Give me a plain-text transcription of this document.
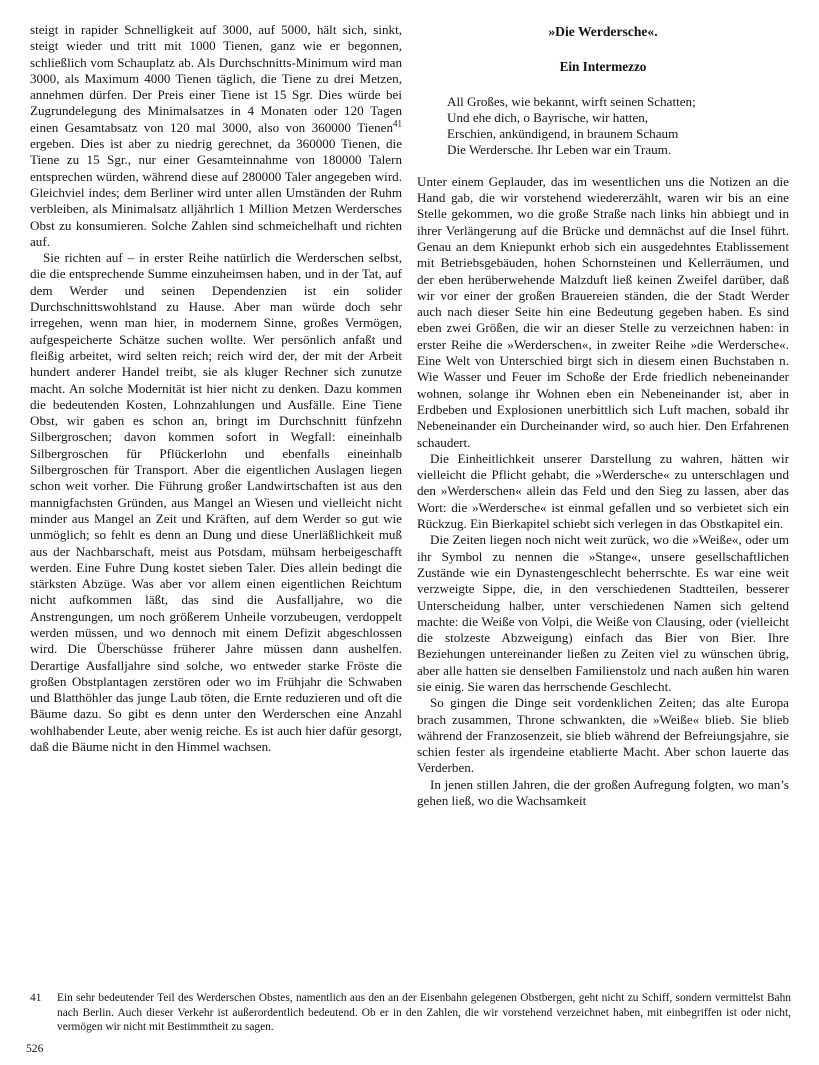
steigt in rapider Schnelligkeit auf 3000, auf 5000, hält sich, sinkt, steigt wieder und tritt mit 1000 Tienen, ganz wie er begonnen, schließlich vom Schauplatz ab. Als Durchschnitts-Minimum wird man 3000, als Maximum 4000 Tienen täglich, die Tiene zu drei Metzen, annehmen dürfen. Der Preis einer Tiene ist 15 Sgr. Dies würde bei Zugrundelegung des Minimalsatzes in 4 Monaten oder 120 Tagen einen Gesamtabsatz von 120 mal 3000, also von 360000 Tienen$^{41}$ ergeben. Dies ist aber zu niedrig gerechnet, da 360000 Tienen, die Tiene zu 15 Sgr., nur einer Gesamteinnahme von 180000 Talern entsprechen würden, während diese auf 280000 Taler angegeben wird. Gleichviel indes; dem Berliner wird unter allen Umständen der Ruhm verbleiben, als Minimalsatz alljährlich 1 Million Metzen Werdersches Obst zu konsumieren. Solche Zahlen sind schmeichelhaft und richten auf.

Sie richten auf – in erster Reihe natürlich die Werderschen selbst, die die entsprechende Summe einzuheimsen haben, und in der Tat, auf dem Werder und seinen Dependenzien ist ein solider Durchschnittswohlstand zu Hause. Aber man würde doch sehr irregehen, wenn man hier, in modernem Sinne, großes Vermögen, aufgespeicherte Schätze suchen wollte. Wer persönlich anfaßt und fleißig arbeitet, wird selten reich; reich wird der, der mit der Arbeit hundert anderer Handel treibt, sie als kluger Rechner sich zunutze macht. An solche Modernität ist hier nicht zu denken. Dazu kommen die bedeutenden Kosten, Lohnzahlungen und Ausfälle. Eine Tiene Obst, wir gaben es schon an, bringt im Durchschnitt fünfzehn Silbergroschen; davon kommen sofort in Wegfall: eineinhalb Silbergroschen für Pflückerlohn und ebenfalls eineinhalb Silbergroschen für Transport. Aber die eigentlichen Auslagen liegen schon weit vorher. Die Führung großer Landwirtschaften ist aus den mannigfachsten Gründen, aus Mangel an Wiesen und vielleicht nicht minder aus Mangel an Zeit und Kräften, auf dem Werder so gut wie unmöglich; so fehlt es denn an Dung und diese Unerläßlichkeit muß aus der Nachbarschaft, meist aus Potsdam, mühsam herbeigeschafft werden. Eine Fuhre Dung kostet sieben Taler. Dies allein bedingt die stärksten Abzüge. Was aber vor allem einen eigentlichen Reichtum nicht aufkommen läßt, das sind die Ausfalljahre, wo die Anstrengungen, um noch größerem Unheile vorzubeugen, verdoppelt werden müssen, und wo dennoch mit einem Defizit abgeschlossen wird. Die Überschüsse früherer Jahre müssen dann aushelfen. Derartige Ausfalljahre sind solche, wo entweder starke Fröste die großen Obstplantagen zerstören oder wo im Frühjahr die Schwaben und Blatthöhler das junge Laub töten, die Ernte reduzieren und oft die Bäume dazu. So gibt es denn unter den Werderschen eine Anzahl wohlhabender Leute, aber wenig reiche. Es ist auch hier dafür gesorgt, daß die Bäume nicht in den Himmel wachsen.

»Die Werdersche«.
Ein Intermezzo
All Großes, wie bekannt, wirft seinen Schatten;
Und ehe dich, o Bayrische, wir hatten,
Erschien, ankündigend, in braunem Schaum
Die Werdersche. Ihr Leben war ein Traum.

Unter einem Geplauder, das im wesentlichen uns die Notizen an die Hand gab, die wir vorstehend wiedererzählt, waren wir bis an eine Stelle gekommen, wo die große Straße nach links hin abbiegt und in ihrer Verlängerung auf die Brücke und demnächst auf die Insel führt. Genau an dem Kniepunkt erhob sich ein ausgedehntes Etablissement mit Betriebsgebäuden, hohen Schornsteinen und Kellerräumen, und der eben herüberwehende Malzduft ließ keinen Zweifel darüber, daß wir vor einer der großen Brauereien ständen, die der Stadt Werder auch nach dieser Seite hin eine Bedeutung gegeben haben. Es sind eben zwei Größen, die wir an dieser Stelle zu verzeichnen haben: in erster Reihe die »Werderschen«, in zweiter Reihe »die Werdersche«. Eine Welt von Unterschied birgt sich in diesem einen Buchstaben n. Wie Wasser und Feuer im Schoße der Erde friedlich nebeneinander wohnen, solange ihr Wohnen eben ein Nebeneinander ist, aber in Erdbeben und Explosionen unerbittlich sich Luft machen, sobald ihr Nebeneinander ein Durcheinander wird, so auch hier. Den Erfahrenen schaudert.

Die Einheitlichkeit unserer Darstellung zu wahren, hätten wir vielleicht die Pflicht gehabt, die »Werdersche« zu unterschlagen und den »Werderschen« allein das Feld und den Sieg zu lassen, aber das Wort: die »Werdersche« ist einmal gefallen und so verbietet sich ein Rückzug. Ein Bierkapitel schiebt sich verlegen in das Obstkapitel ein.

Die Zeiten liegen noch nicht weit zurück, wo die »Weiße«, oder um ihr Symbol zu nennen die »Stange«, unsere gesellschaftlichen Zustände wie ein Dynastengeschlecht beherrschte. Es war eine weit verzweigte Sippe, die, in den verschiedenen Stadtteilen, besserer Unterscheidung halber, unter verschiedenen Namen sich geltend machte: die Weiße von Volpi, die Weiße von Clausing, oder (vielleicht die stolzeste Abzweigung) einfach das Bier von Bier. Ihre Beziehungen untereinander ließen zu Zeiten viel zu wünschen übrig, aber alle hatten sie denselben Familienstolz und nach außen hin waren sie einig. Sie waren das herrschende Geschlecht.

So gingen die Dinge seit vordenklichen Zeiten; das alte Europa brach zusammen, Throne schwankten, die »Weiße« blieb. Sie blieb während der Franzosenzeit, sie blieb während der Befreiungsjahre, sie schien fester als irgendeine etablierte Macht. Aber schon lauerte das Verderben.

In jenen stillen Jahren, die der großen Aufregung folgten, wo man’s gehen ließ, wo die Wachsamkeit

41 Ein sehr bedeutender Teil des Werderschen Obstes, namentlich aus den an der Eisenbahn gelegenen Obstbergen, geht nicht zu Schiff, sondern vermittelst Bahn nach Berlin. Auch dieser Verkehr ist außerordentlich bedeutend. Ob er in den Zahlen, die wir vorstehend verzeichnet haben, mit einbegriffen ist oder nicht, vermögen wir nicht mit Bestimmtheit zu sagen.
526
